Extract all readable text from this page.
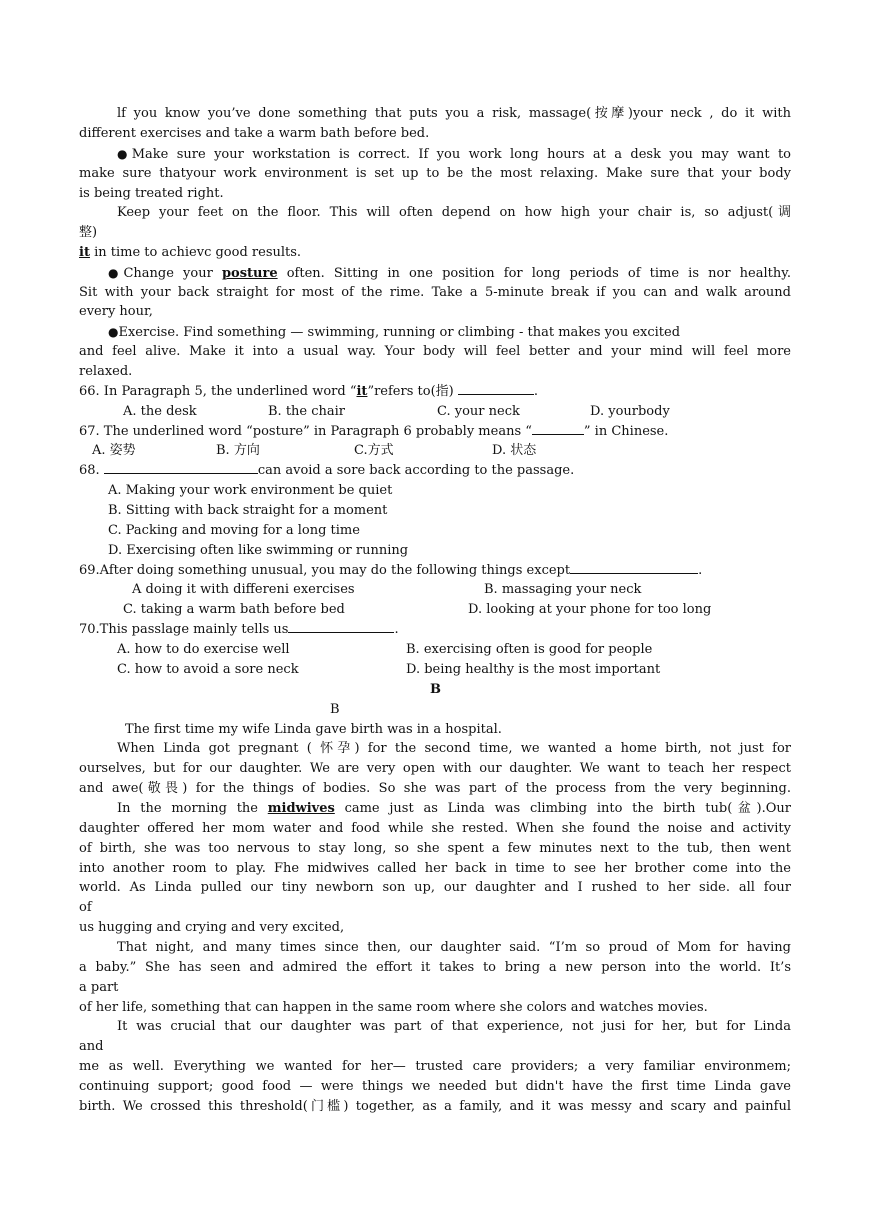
lf you know you’ve done something that puts you a risk, massage(按摩)your neck , do it with
different exercises and take a warm bath before bed.
●Make sure your workstation is correct. If you work long hours at a desk you may want to
make sure thatyour work environment is set up to be the most relaxing. Make sure that your body
is being treated right.
Keep your feet on the floor. This will often depend on how high your chair is, so adjust(调
整)
it in time to achievc good results.
●Change your posture often. Sitting in one position for long periods of time is nor healthy.
Sit with your back straight for most of the rime. Take a 5-minute break if you can and walk around
every hour,
●Exercise. Find something — swimming, running or climbing - that makes you excited
and feel alive. Make it into a usual way. Your body will feel better and your mind will feel more
relaxed.
66. In Paragraph 5, the underlined word “it”refers to(指)	.
A. the desk	B. the chair	C. your neck	D. yourbody
67. The underlined word “posture” in Paragraph 6 probably means “	” in Chinese.
A. 姿势	B. 方向	C.方式	D. 状态
68.	can avoid a sore back according to the passage.
A. Making your work environment be quiet
B. Sitting with back straight for a moment
C. Packing and moving for a long time
D. Exercising often like swimming or running
69.After doing something unusual, you may do the following things except	.
A doing it with differeni exercises	B. massaging your neck
C. taking a warm bath before bed	D. looking at your phone for too long
70.This passlage mainly tells us	.
A. how to do exercise well	B. exercising often is good for people
C. how to avoid a sore neck	D. being healthy is the most important
B
B
The first time my wife Linda gave birth was in a hospital.
When Linda got pregnant ( 怀孕) for the second time, we wanted a home birth, not just for
ourselves, but for our daughter. We are very open with our daughter. We want to teach her respect
and awe(敬畏) for the things of bodies. So she was part of the process from the very beginning.
In the morning the midwives came just as Linda was climbing into the birth tub(盆).Our
daughter offered her mom water and food while she rested. When she found the noise and activity
of birth, she was too nervous to stay long, so she spent a few minutes next to the tub, then went
into another room to play. Fhe midwives called her back in time to see her brother come into the
world. As Linda pulled our tiny newborn son up, our daughter and I rushed to her side. all four
of
us hugging and crying and very excited,
That night, and many times since then, our daughter said. “I’m so proud of Mom for having
a baby.” She has seen and admired the effort it takes to bring a new person into the world. It’s
a part
of her life, something that can happen in the same room where she colors and watches movies.
It was crucial that our daughter was part of that experience, not jusi for her, but for Linda
and
me as well. Everything we wanted for her— trusted care providers; a very familiar environmem;
continuing support; good food — were things we needed but didn't have the first time Linda gave
birth. We crossed this threshold(门槛) together, as a family, and it was messy and scary and painful
